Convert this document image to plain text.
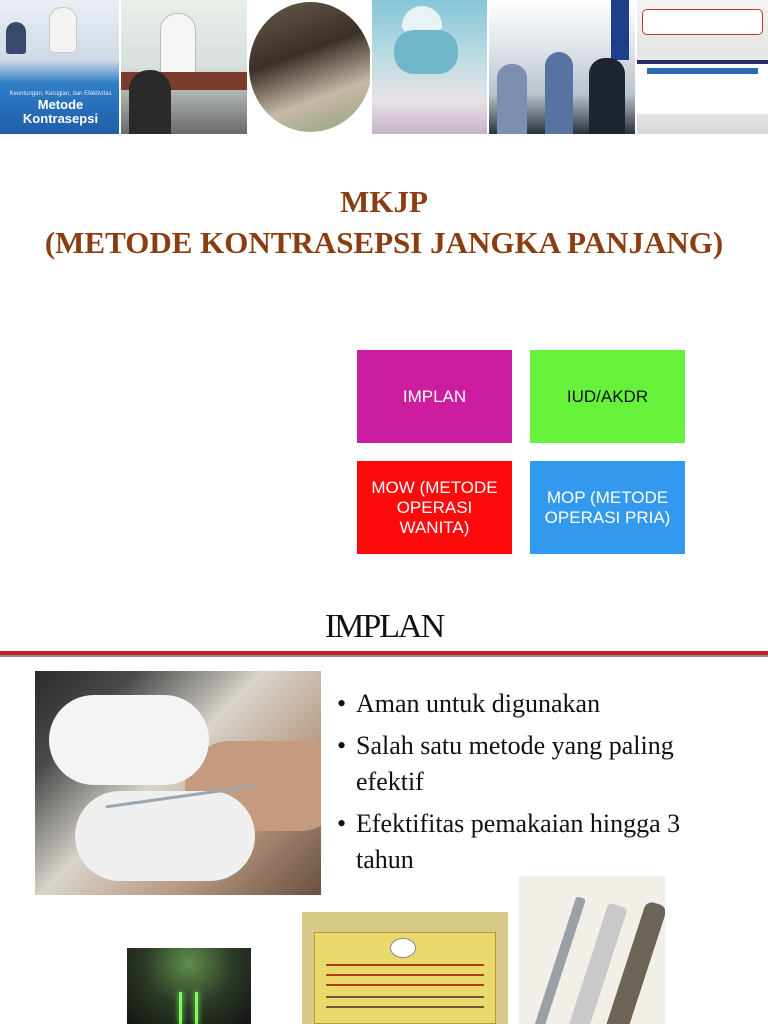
Keuntungan, Kerugian, dan Efektivitas
Metode Kontrasepsi
MKJP
(METODE KONTRASEPSI JANGKA PANJANG)
IMPLAN	IUD/AKDR
MOW (METODE OPERASI WANITA)
MOP (METODE OPERASI PRIA)
IMPLAN
• Aman untuk digunakan
• Salah satu metode yang paling efektif
• Efektifitas pemakaian hingga 3 tahun
